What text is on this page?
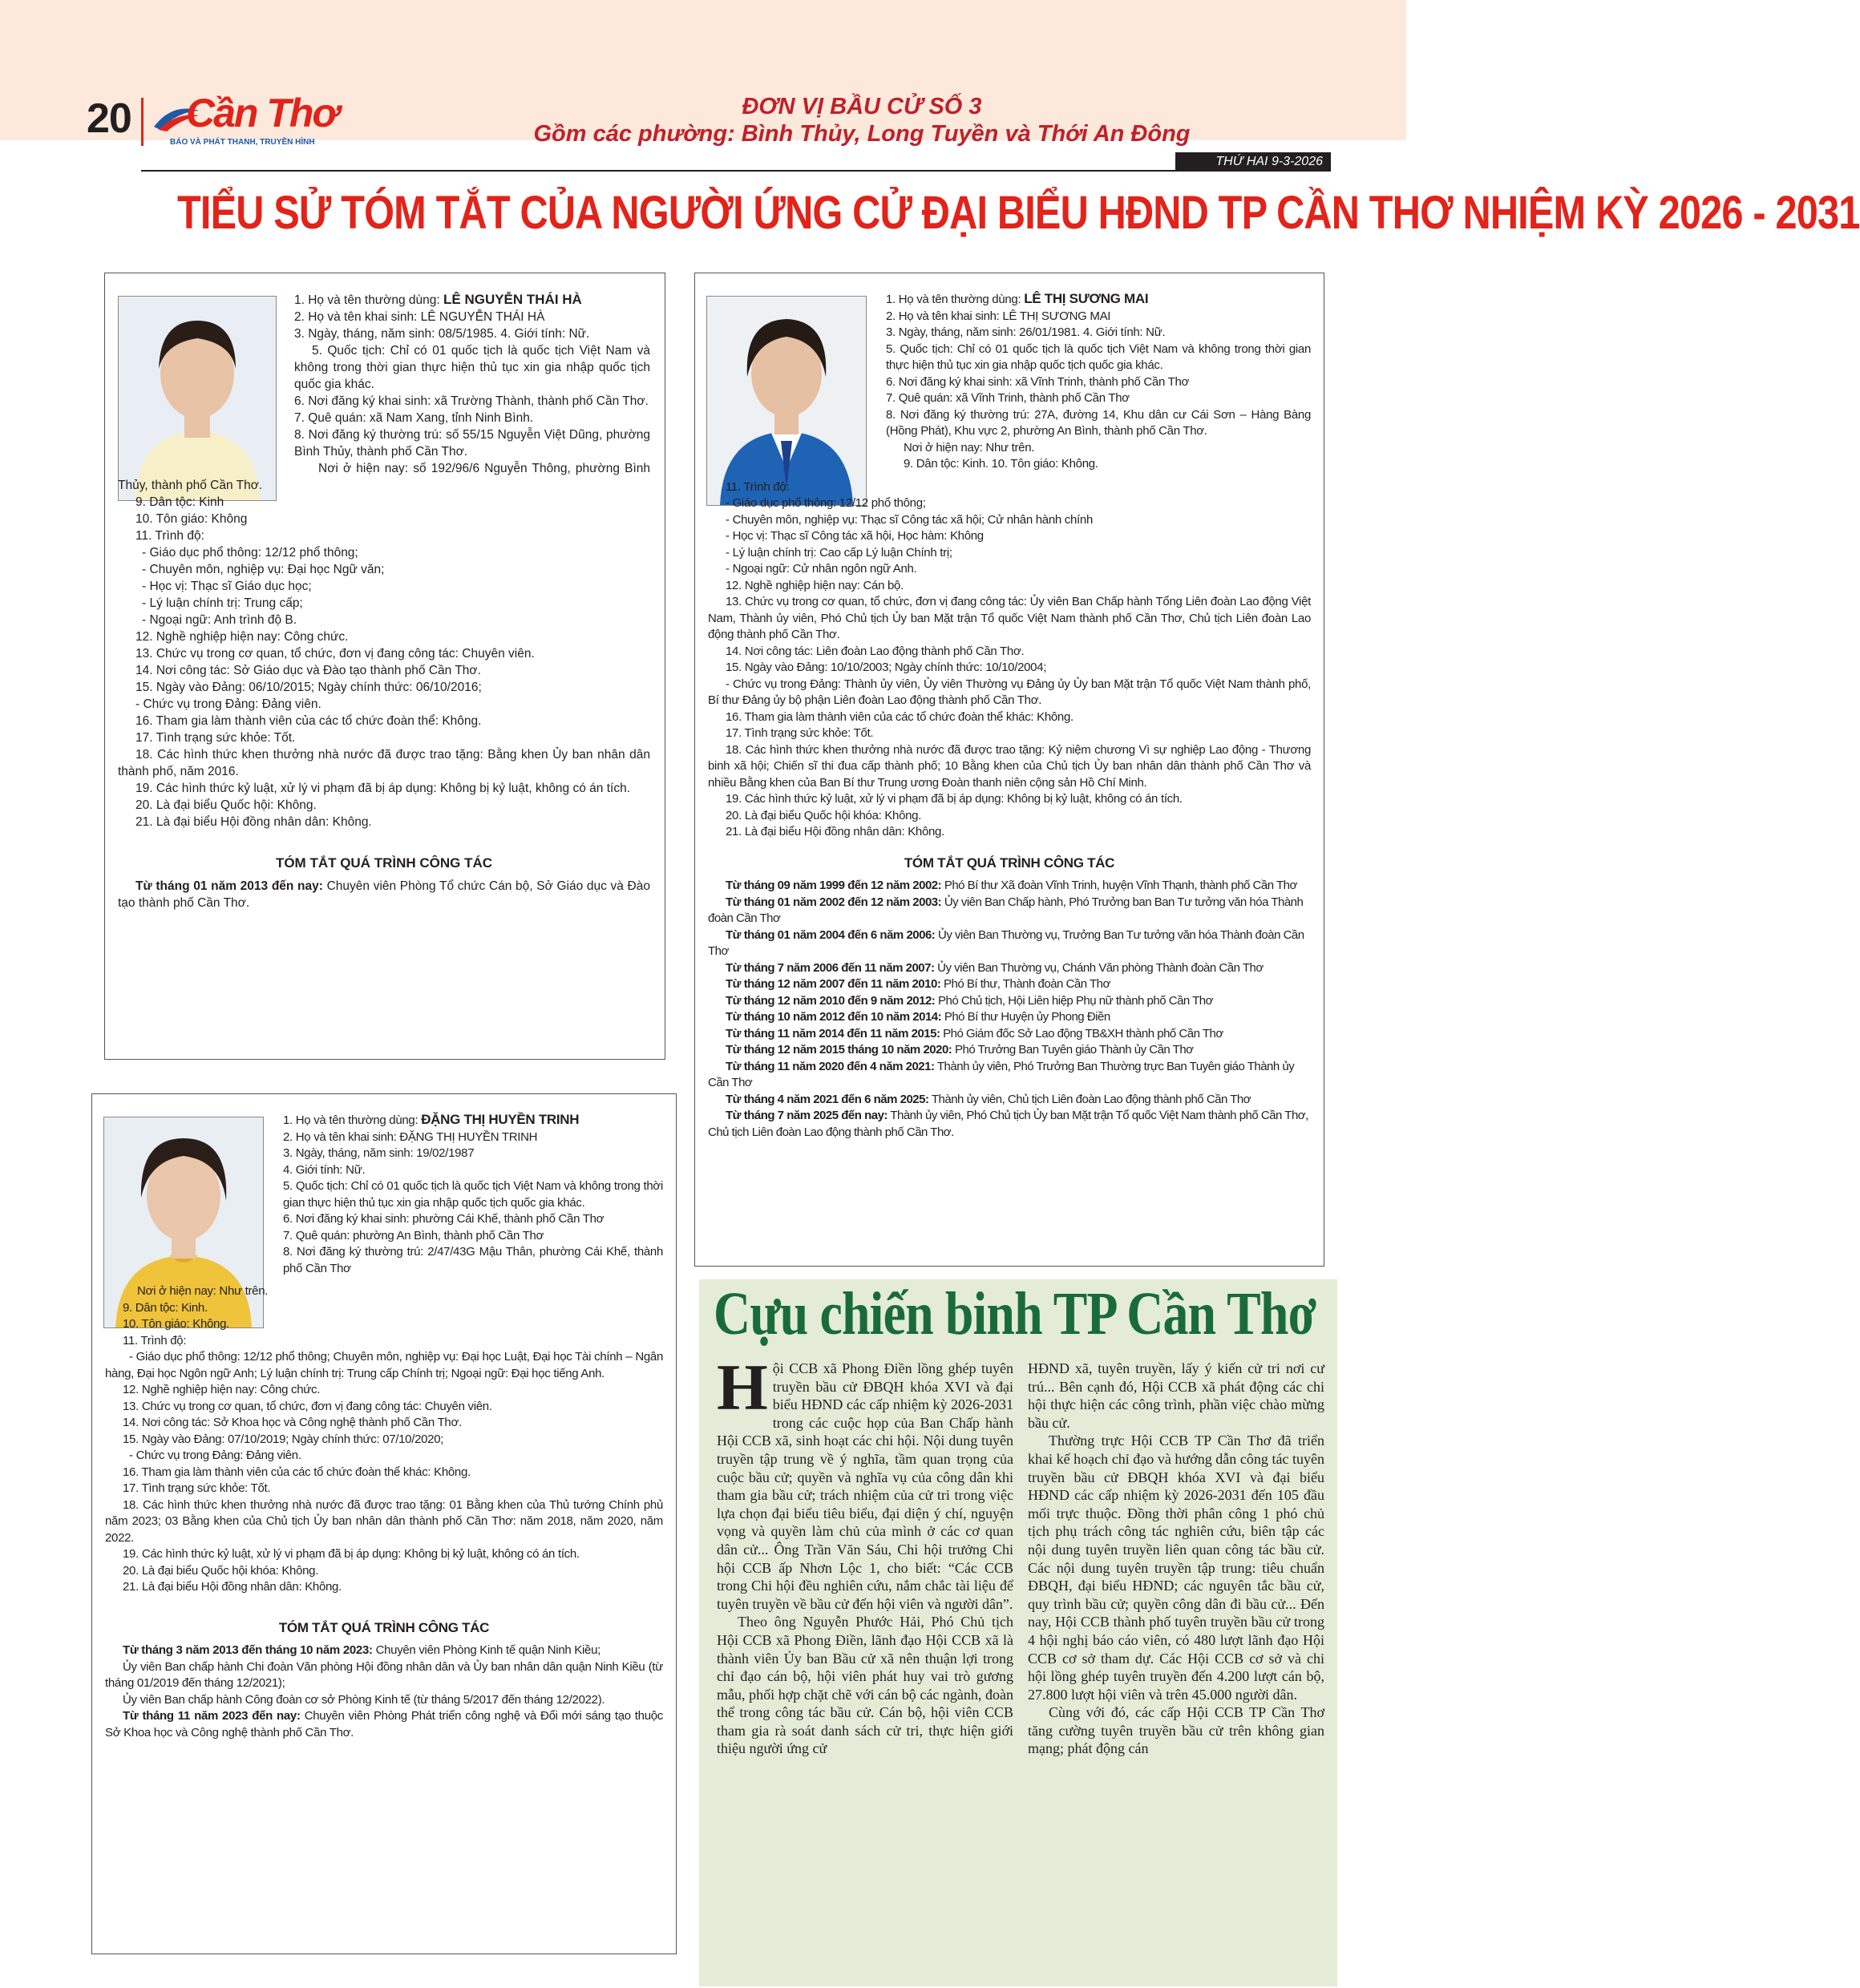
20 Cần Thơ
BÁO VÀ PHÁT THANH, TRUYỀN HÌNH
ĐƠN VỊ BẦU CỬ SỐ 3
Gồm các phường: Bình Thủy, Long Tuyền và Thới An Đông
THỨ HAI 9-3-2026
TIỂU SỬ TÓM TẮT CỦA NGƯỜI ỨNG CỬ ĐẠI BIỂU HĐND TP CẦN THƠ NHIỆM KỲ 2026 - 2031

1. Họ và tên thường dùng: LÊ NGUYỄN THÁI HÀ

2. Họ và tên khai sinh: LÊ NGUYỄN THÁI HÀ

3. Ngày, tháng, năm sinh: 08/5/1985. 4. Giới tính: Nữ.

5. Quốc tịch: Chỉ có 01 quốc tịch là quốc tịch Việt Nam và không trong thời gian thực hiện thủ tục xin gia nhập quốc tịch quốc gia khác.

6. Nơi đăng ký khai sinh: xã Trường Thành, thành phố Cần Thơ.

7. Quê quán: xã Nam Xang, tỉnh Ninh Bình.

8. Nơi đăng ký thường trú: số 55/15 Nguyễn Việt Dũng, phường Bình Thủy, thành phố Cần Thơ.

Nơi ở hiện nay: số 192/96/6 Nguyễn Thông, phường Bình Thủy, thành phố Cần Thơ.

9. Dân tộc: Kinh

10. Tôn giáo: Không

11. Trình độ:

- Giáo dục phổ thông: 12/12 phổ thông;

- Chuyên môn, nghiệp vụ: Đại học Ngữ văn;

- Học vị: Thạc sĩ Giáo dục học;

- Lý luận chính trị: Trung cấp;

- Ngoại ngữ: Anh trình độ B.

12. Nghề nghiệp hiện nay: Công chức.

13. Chức vụ trong cơ quan, tổ chức, đơn vị đang công tác: Chuyên viên.

14. Nơi công tác: Sở Giáo dục và Đào tạo thành phố Cần Thơ.

15. Ngày vào Đảng: 06/10/2015; Ngày chính thức: 06/10/2016;

- Chức vụ trong Đảng: Đảng viên.

16. Tham gia làm thành viên của các tổ chức đoàn thể: Không.

17. Tình trạng sức khỏe: Tốt.

18. Các hình thức khen thưởng nhà nước đã được trao tặng: Bằng khen Ủy ban nhân dân thành phố, năm 2016.

19. Các hình thức kỷ luật, xử lý vi phạm đã bị áp dụng: Không bị kỷ luật, không có án tích.

20. Là đại biểu Quốc hội: Không.

21. Là đại biểu Hội đồng nhân dân: Không.

TÓM TẮT QUÁ TRÌNH CÔNG TÁC

Từ tháng 01 năm 2013 đến nay: Chuyên viên Phòng Tổ chức Cán bộ, Sở Giáo dục và Đào tạo thành phố Cần Thơ.

1. Họ và tên thường dùng: LÊ THỊ SƯƠNG MAI

2. Họ và tên khai sinh: LÊ THỊ SƯƠNG MAI

3. Ngày, tháng, năm sinh: 26/01/1981. 4. Giới tính: Nữ.

5. Quốc tịch: Chỉ có 01 quốc tịch là quốc tịch Việt Nam và không trong thời gian thực hiện thủ tục xin gia nhập quốc tịch quốc gia khác.

6. Nơi đăng ký khai sinh: xã Vĩnh Trinh, thành phố Cần Thơ

7. Quê quán: xã Vĩnh Trinh, thành phố Cần Thơ

8. Nơi đăng ký thường trú: 27A, đường 14, Khu dân cư Cái Sơn – Hàng Bàng (Hồng Phát), Khu vực 2, phường An Bình, thành phố Cần Thơ.

Nơi ở hiện nay: Như trên.

9. Dân tộc: Kinh. 10. Tôn giáo: Không.

11. Trình độ:

- Giáo dục phổ thông: 12/12 phổ thông;

- Chuyên môn, nghiệp vụ: Thạc sĩ Công tác xã hội; Cử nhân hành chính

- Học vị: Thạc sĩ Công tác xã hội, Học hàm: Không

- Lý luận chính trị: Cao cấp Lý luận Chính trị;

- Ngoại ngữ: Cử nhân ngôn ngữ Anh.

12. Nghề nghiệp hiện nay: Cán bộ.

13. Chức vụ trong cơ quan, tổ chức, đơn vị đang công tác: Ủy viên Ban Chấp hành Tổng Liên đoàn Lao động Việt Nam, Thành ủy viên, Phó Chủ tịch Ủy ban Mặt trận Tổ quốc Việt Nam thành phố Cần Thơ, Chủ tịch Liên đoàn Lao động thành phố Cần Thơ.

14. Nơi công tác: Liên đoàn Lao động thành phố Cần Thơ.

15. Ngày vào Đảng: 10/10/2003; Ngày chính thức: 10/10/2004;

- Chức vụ trong Đảng: Thành ủy viên, Ủy viên Thường vụ Đảng ủy Ủy ban Mặt trận Tổ quốc Việt Nam thành phố, Bí thư Đảng ủy bộ phận Liên đoàn Lao động thành phố Cần Thơ.

16. Tham gia làm thành viên của các tổ chức đoàn thể khác: Không.

17. Tình trạng sức khỏe: Tốt.

18. Các hình thức khen thưởng nhà nước đã được trao tặng: Kỷ niệm chương Vì sự nghiệp Lao động - Thương binh xã hội; Chiến sĩ thi đua cấp thành phố; 10 Bằng khen của Chủ tịch Ủy ban nhân dân thành phố Cần Thơ và nhiều Bằng khen của Ban Bí thư Trung ương Đoàn thanh niên cộng sản Hồ Chí Minh.

19. Các hình thức kỷ luật, xử lý vi phạm đã bị áp dụng: Không bị kỷ luật, không có án tích.

20. Là đại biểu Quốc hội khóa: Không.

21. Là đại biểu Hội đồng nhân dân: Không.

TÓM TẮT QUÁ TRÌNH CÔNG TÁC

Từ tháng 09 năm 1999 đến 12 năm 2002: Phó Bí thư Xã đoàn Vĩnh Trinh, huyện Vĩnh Thạnh, thành phố Cần Thơ

Từ tháng 01 năm 2002 đến 12 năm 2003: Ủy viên Ban Chấp hành, Phó Trưởng ban Ban Tư tưởng văn hóa Thành đoàn Cần Thơ

Từ tháng 01 năm 2004 đến 6 năm 2006: Ủy viên Ban Thường vụ, Trưởng Ban Tư tưởng văn hóa Thành đoàn Cần Thơ

Từ tháng 7 năm 2006 đến 11 năm 2007: Ủy viên Ban Thường vụ, Chánh Văn phòng Thành đoàn Cần Thơ

Từ tháng 12 năm 2007 đến 11 năm 2010: Phó Bí thư, Thành đoàn Cần Thơ

Từ tháng 12 năm 2010 đến 9 năm 2012: Phó Chủ tịch, Hội Liên hiệp Phụ nữ thành phố Cần Thơ

Từ tháng 10 năm 2012 đến 10 năm 2014: Phó Bí thư Huyện ủy Phong Điền

Từ tháng 11 năm 2014 đến 11 năm 2015: Phó Giám đốc Sở Lao động TB&XH thành phố Cần Thơ

Từ tháng 12 năm 2015 tháng 10 năm 2020: Phó Trưởng Ban Tuyên giáo Thành ủy Cần Thơ

Từ tháng 11 năm 2020 đến 4 năm 2021: Thành ủy viên, Phó Trưởng Ban Thường trực Ban Tuyên giáo Thành ủy Cần Thơ

Từ tháng 4 năm 2021 đến 6 năm 2025: Thành ủy viên, Chủ tịch Liên đoàn Lao động thành phố Cần Thơ

Từ tháng 7 năm 2025 đến nay: Thành ủy viên, Phó Chủ tịch Ủy ban Mặt trận Tổ quốc Việt Nam thành phố Cần Thơ, Chủ tịch Liên đoàn Lao động thành phố Cần Thơ.

1. Họ và tên thường dùng: ĐẶNG THỊ HUYỀN TRINH

2. Họ và tên khai sinh: ĐẶNG THỊ HUYỀN TRINH

3. Ngày, tháng, năm sinh: 19/02/1987

4. Giới tính: Nữ.

5. Quốc tịch: Chỉ có 01 quốc tịch là quốc tịch Việt Nam và không trong thời gian thực hiện thủ tục xin gia nhập quốc tịch quốc gia khác.

6. Nơi đăng ký khai sinh: phường Cái Khế, thành phố Cần Thơ

7. Quê quán: phường An Bình, thành phố Cần Thơ

8. Nơi đăng ký thường trú: 2/47/43G Mậu Thân, phường Cái Khế, thành phố Cần Thơ

Nơi ở hiện nay: Như trên.

9. Dân tộc: Kinh.

10. Tôn giáo: Không.

11. Trình độ:

- Giáo dục phổ thông: 12/12 phổ thông; Chuyên môn, nghiệp vụ: Đại học Luật, Đại học Tài chính – Ngân hàng, Đại học Ngôn ngữ Anh; Lý luận chính trị: Trung cấp Chính trị; Ngoại ngữ: Đại học tiếng Anh.

12. Nghề nghiệp hiện nay: Công chức.

13. Chức vụ trong cơ quan, tổ chức, đơn vị đang công tác: Chuyên viên.

14. Nơi công tác: Sở Khoa học và Công nghệ thành phố Cần Thơ.

15. Ngày vào Đảng: 07/10/2019; Ngày chính thức: 07/10/2020;

- Chức vụ trong Đảng: Đảng viên.

16. Tham gia làm thành viên của các tổ chức đoàn thể khác: Không.

17. Tình trạng sức khỏe: Tốt.

18. Các hình thức khen thưởng nhà nước đã được trao tặng: 01 Bằng khen của Thủ tướng Chính phủ năm 2023; 03 Bằng khen của Chủ tịch Ủy ban nhân dân thành phố Cần Thơ: năm 2018, năm 2020, năm 2022.

19. Các hình thức kỷ luật, xử lý vi phạm đã bị áp dụng: Không bị kỷ luật, không có án tích.

20. Là đại biểu Quốc hội khóa: Không.

21. Là đại biểu Hội đồng nhân dân: Không.

TÓM TẮT QUÁ TRÌNH CÔNG TÁC

Từ tháng 3 năm 2013 đến tháng 10 năm 2023: Chuyên viên Phòng Kinh tế quận Ninh Kiều;

Ủy viên Ban chấp hành Chi đoàn Văn phòng Hội đồng nhân dân và Ủy ban nhân dân quận Ninh Kiều (từ tháng 01/2019 đến tháng 12/2021);

Ủy viên Ban chấp hành Công đoàn cơ sở Phòng Kinh tế (từ tháng 5/2017 đến tháng 12/2022).

Từ tháng 11 năm 2023 đến nay: Chuyên viên Phòng Phát triển công nghệ và Đổi mới sáng tạo thuộc Sở Khoa học và Công nghệ thành phố Cần Thơ.

Cựu chiến binh TP Cần Thơ

Hội CCB xã Phong Điền lồng ghép tuyên truyền bầu cử ĐBQH khóa XVI và đại biểu HĐND các cấp nhiệm kỳ 2026-2031 trong các cuộc họp của Ban Chấp hành Hội CCB xã, sinh hoạt các chi hội. Nội dung tuyên truyền tập trung về ý nghĩa, tầm quan trọng của cuộc bầu cử; quyền và nghĩa vụ của công dân khi tham gia bầu cử; trách nhiệm của cử tri trong việc lựa chọn đại biểu tiêu biểu, đại diện ý chí, nguyện vọng và quyền làm chủ của mình ở các cơ quan dân cử... Ông Trần Văn Sáu, Chi hội trưởng Chi hội CCB ấp Nhơn Lộc 1, cho biết: “Các CCB trong Chi hội đều nghiên cứu, nắm chắc tài liệu để tuyên truyền về bầu cử đến hội viên và người dân”.

Theo ông Nguyễn Phước Hải, Phó Chủ tịch Hội CCB xã Phong Điền, lãnh đạo Hội CCB xã là thành viên Ủy ban Bầu cử xã nên thuận lợi trong chỉ đạo cán bộ, hội viên phát huy vai trò gương mẫu, phối hợp chặt chẽ với cán bộ các ngành, đoàn thể trong công tác bầu cử. Cán bộ, hội viên CCB tham gia rà soát danh sách cử tri, thực hiện giới thiệu người ứng cử

HĐND xã, tuyên truyền, lấy ý kiến cử tri nơi cư trú... Bên cạnh đó, Hội CCB xã phát động các chi hội thực hiện các công trình, phần việc chào mừng bầu cử.

Thường trực Hội CCB TP Cần Thơ đã triển khai kế hoạch chỉ đạo và hướng dẫn công tác tuyên truyền bầu cử ĐBQH khóa XVI và đại biểu HĐND các cấp nhiệm kỳ 2026-2031 đến 105 đầu mối trực thuộc. Đồng thời phân công 1 phó chủ tịch phụ trách công tác nghiên cứu, biên tập các nội dung tuyên truyền liên quan công tác bầu cử. Các nội dung tuyên truyền tập trung: tiêu chuẩn ĐBQH, đại biểu HĐND; các nguyên tắc bầu cử, quy trình bầu cử; quyền công dân đi bầu cử... Đến nay, Hội CCB thành phố tuyên truyền bầu cử trong 4 hội nghị báo cáo viên, có 480 lượt lãnh đạo Hội CCB cơ sở tham dự. Các Hội CCB cơ sở và chi hội lồng ghép tuyên truyền đến 4.200 lượt cán bộ, 27.800 lượt hội viên và trên 45.000 người dân.

Cùng với đó, các cấp Hội CCB TP Cần Thơ tăng cường tuyên truyền bầu cử trên không gian mạng; phát động cán
